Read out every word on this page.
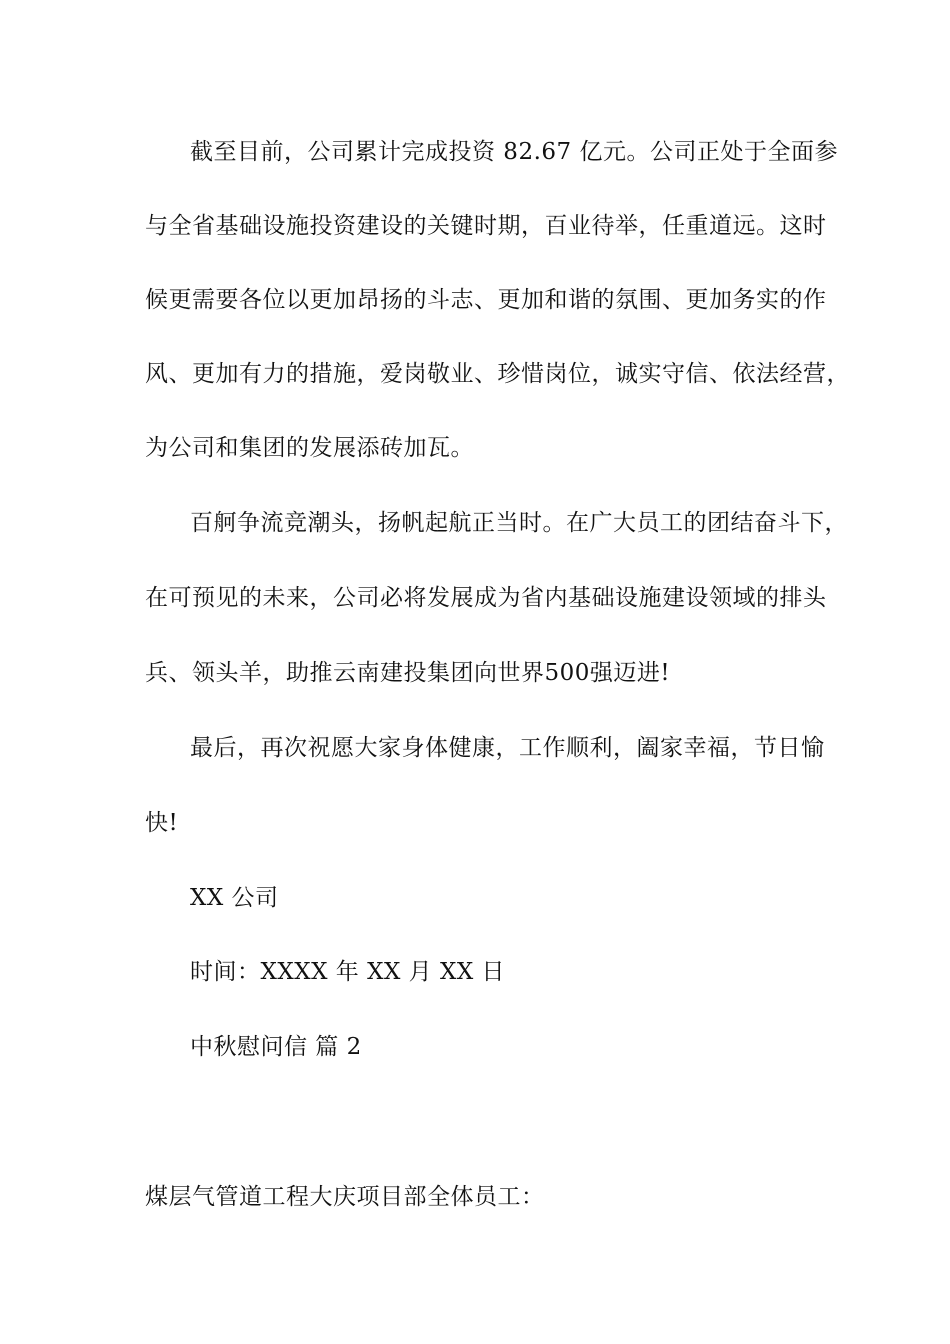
截至目前，公司累计完成投资 82.67 亿元。公司正处于全面参
与全省基础设施投资建设的关键时期，百业待举，任重道远。这时
候更需要各位以更加昂扬的斗志、更加和谐的氛围、更加务实的作
风、更加有力的措施，爱岗敬业、珍惜岗位，诚实守信、依法经营，
为公司和集团的发展添砖加瓦。
百舸争流竞潮头，扬帆起航正当时。在广大员工的团结奋斗下，
在可预见的未来，公司必将发展成为省内基础设施建设领域的排头
兵、领头羊，助推云南建投集团向世界500强迈进!
最后，再次祝愿大家身体健康，工作顺利，阖家幸福，节日愉
快!
XX 公司
时间：XXXX 年 XX 月 XX 日
中秋慰问信 篇 2
煤层气管道工程大庆项目部全体员工：
